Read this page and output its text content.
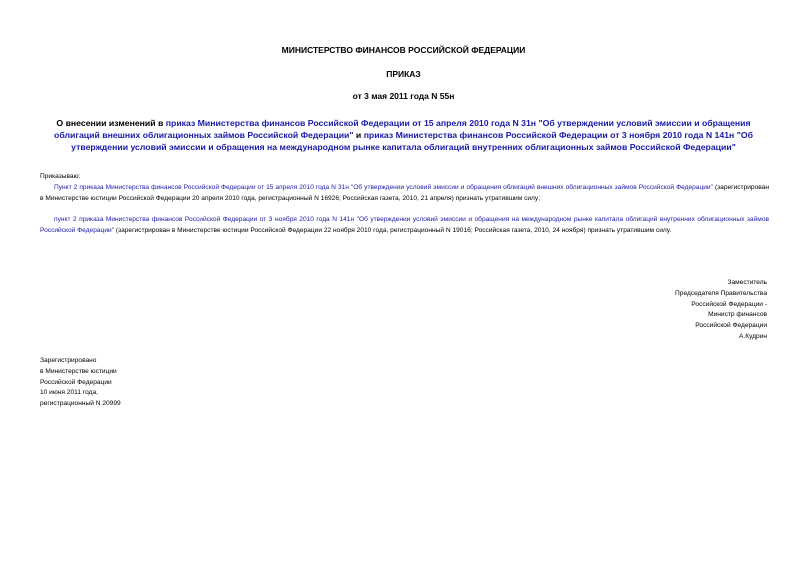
МИНИСТЕРСТВО ФИНАНСОВ РОССИЙСКОЙ ФЕДЕРАЦИИ
ПРИКАЗ
от 3 мая 2011 года N 55н
О внесении изменений в приказ Министерства финансов Российской Федерации от 15 апреля 2010 года N 31н "Об утверждении условий эмиссии и обращения облигаций внешних облигационных займов Российской Федерации" и приказ Министерства финансов Российской Федерации от 3 ноября 2010 года N 141н "Об утверждении условий эмиссии и обращения на международном рынке капитала облигаций внутренних облигационных займов Российской Федерации"
Приказываю:
Пункт 2 приказа Министерства финансов Российской Федерации от 15 апреля 2010 года N 31н "Об утверждении условий эмиссии и обращения облигаций внешних облигационных займов Российской Федерации" (зарегистрирован в Министерстве юстиции Российской Федерации 20 апреля 2010 года, регистрационный N 16926; Российская газета, 2010, 21 апреля) признать утратившим силу;
пункт 2 приказа Министерства финансов Российской Федерации от 3 ноября 2010 года N 141н "Об утверждении условий эмиссии и обращения на международном рынке капитала облигаций внутренних облигационных займов Российской Федерации" (зарегистрирован в Министерстве юстиции Российской Федерации 22 ноября 2010 года, регистрационный N 19016; Российская газета, 2010, 24 ноября) признать утратившим силу.
Заместитель
Председателя Правительства
Российской Федерации -
Министр финансов
Российской Федерации
А.Кудрин
Зарегистрировано
в Министерстве юстиции
Российской Федерации
10 июня 2011 года,
регистрационный N 20999
